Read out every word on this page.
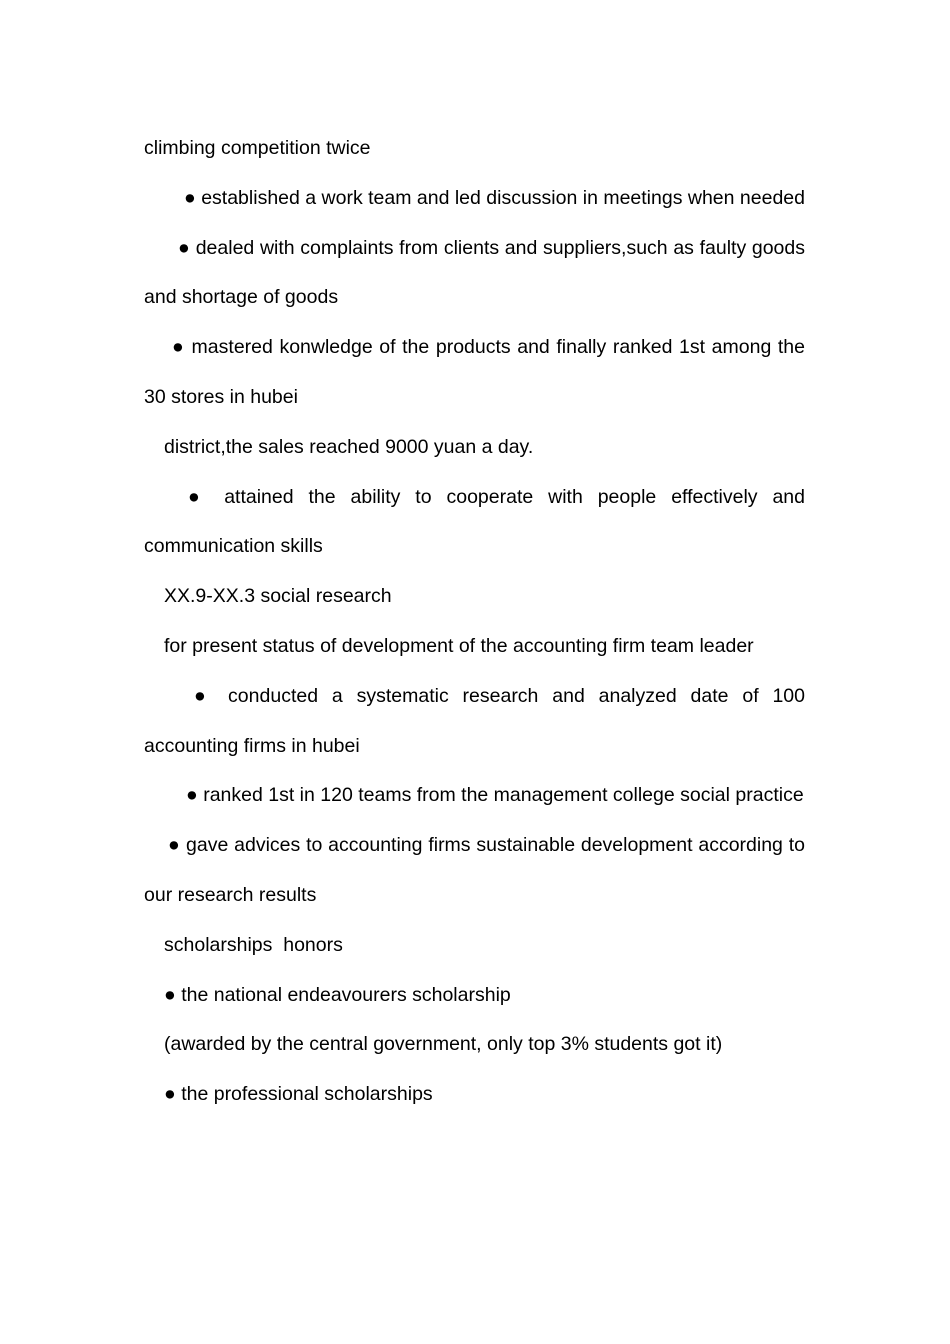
climbing competition twice

● established a work team and led discussion in meetings when needed

● dealed with complaints from clients and suppliers,such as faulty goods and shortage of goods

● mastered konwledge of the products and finally ranked 1st among the 30 stores in hubei

district,the sales reached 9000 yuan a day.

● attained the ability to cooperate with people effectively and communication skills

XX.9-XX.3 social research

for present status of development of the accounting firm team leader

● conducted a systematic research and analyzed date of 100 accounting firms in hubei

● ranked 1st in 120 teams from the management college social practice

● gave advices to accounting firms sustainable development according to our research results

scholarships  honors

● the national endeavourers scholarship

(awarded by the central government, only top 3% students got it)

● the professional scholarships
